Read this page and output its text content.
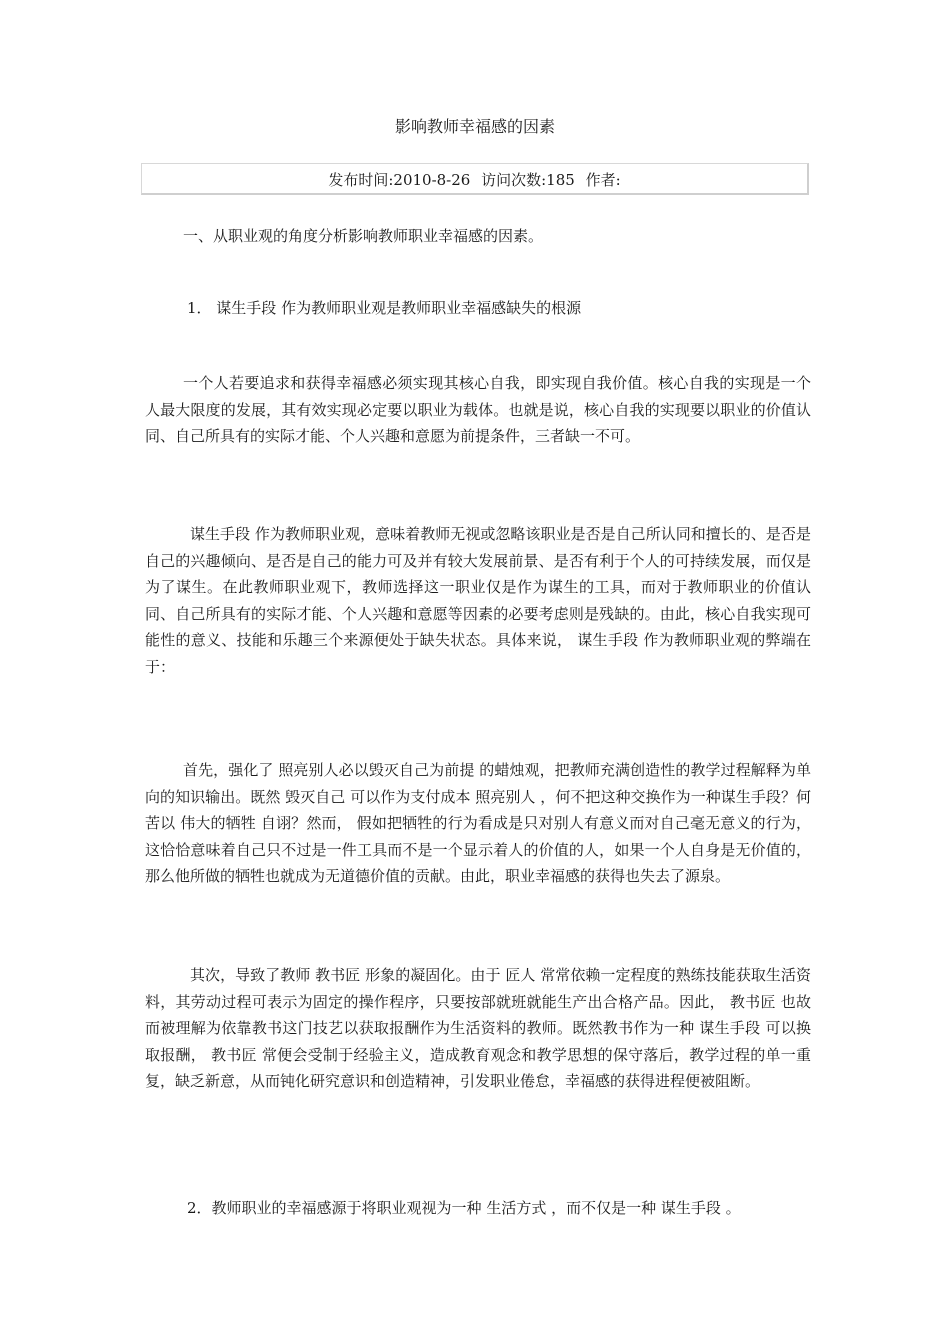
影响教师幸福感的因素
发布时间:2010-8-26 访问次数:185 作者:

一、从职业观的角度分析影响教师职业幸福感的因素。

1． 谋生手段 作为教师职业观是教师职业幸福感缺失的根源

一个人若要追求和获得幸福感必须实现其核心自我，即实现自我价值。核心自我的实现是一个人最大限度的发展，其有效实现必定要以职业为载体。也就是说，核心自我的实现要以职业的价值认同、自己所具有的实际才能、个人兴趣和意愿为前提条件，三者缺一不可。

谋生手段 作为教师职业观，意味着教师无视或忽略该职业是否是自己所认同和擅长的、是否是自己的兴趣倾向、是否是自己的能力可及并有较大发展前景、是否有利于个人的可持续发展，而仅是为了谋生。在此教师职业观下，教师选择这一职业仅是作为谋生的工具，而对于教师职业的价值认同、自己所具有的实际才能、个人兴趣和意愿等因素的必要考虑则是残缺的。由此，核心自我实现可能性的意义、技能和乐趣三个来源便处于缺失状态。具体来说， 谋生手段 作为教师职业观的弊端在于：

首先，强化了 照亮别人必以毁灭自己为前提 的蜡烛观，把教师充满创造性的教学过程解释为单向的知识输出。既然 毁灭自己 可以作为支付成本 照亮别人 ，何不把这种交换作为一种谋生手段？何苦以 伟大的牺牲 自诩？然而， 假如把牺牲的行为看成是只对别人有意义而对自己毫无意义的行为，这恰恰意味着自己只不过是一件工具而不是一个显示着人的价值的人，如果一个人自身是无价值的，那么他所做的牺牲也就成为无道德价值的贡献。由此，职业幸福感的获得也失去了源泉。

其次，导致了教师 教书匠 形象的凝固化。由于 匠人 常常依赖一定程度的熟练技能获取生活资料，其劳动过程可表示为固定的操作程序，只要按部就班就能生产出合格产品。因此， 教书匠 也故而被理解为依靠教书这门技艺以获取报酬作为生活资料的教师。既然教书作为一种 谋生手段 可以换取报酬， 教书匠 常便会受制于经验主义，造成教育观念和教学思想的保守落后，教学过程的单一重复，缺乏新意，从而钝化研究意识和创造精神，引发职业倦怠，幸福感的获得进程便被阻断。

2．教师职业的幸福感源于将职业观视为一种 生活方式 ，而不仅是一种 谋生手段 。
